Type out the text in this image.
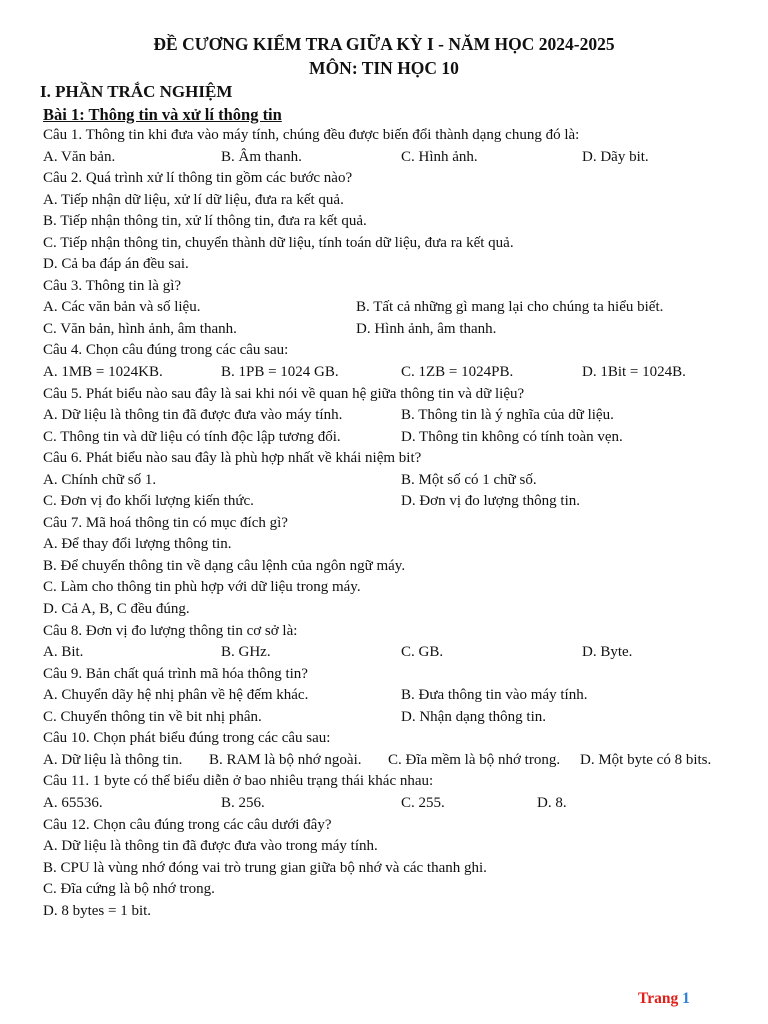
ĐỀ CƯƠNG KIỂM TRA GIỮA KỲ I - NĂM HỌC 2024-2025
MÔN: TIN HỌC 10
I. PHẦN TRẮC NGHIỆM
Bài 1: Thông tin và xử lí thông tin
Câu 1. Thông tin khi đưa vào máy tính, chúng đều được biến đổi thành dạng chung đó là:
A. Văn bản.	B. Âm thanh.	C. Hình ảnh.	D. Dãy bit.
Câu 2. Quá trình xử lí thông tin gồm các bước nào?
A. Tiếp nhận dữ liệu, xử lí dữ liệu, đưa ra kết quả.
B. Tiếp nhận thông tin, xử lí thông tin, đưa ra kết quả.
C. Tiếp nhận thông tin, chuyển thành dữ liệu, tính toán dữ liệu, đưa ra kết quả.
D. Cả ba đáp án đều sai.
Câu 3. Thông tin là gì?
A. Các văn bản và số liệu.	B. Tất cả những gì mang lại cho chúng ta hiểu biết.
C. Văn bản, hình ảnh, âm thanh.	D. Hình ảnh, âm thanh.
Câu 4. Chọn câu đúng trong các câu sau:
A. 1MB = 1024KB.	B. 1PB = 1024 GB.	C. 1ZB = 1024PB.	D. 1Bit = 1024B.
Câu 5. Phát biểu nào sau đây là sai khi nói về quan hệ giữa thông tin và dữ liệu?
A. Dữ liệu là thông tin đã được đưa vào máy tính.	B. Thông tin là ý nghĩa của dữ liệu.
C. Thông tin và dữ liệu có tính độc lập tương đối.	D. Thông tin không có tính toàn vẹn.
Câu 6. Phát biểu nào sau đây là phù hợp nhất về khái niệm bit?
A. Chính chữ số 1.	B. Một số có 1 chữ số.
C. Đơn vị đo khối lượng kiến thức.	D. Đơn vị đo lượng thông tin.
Câu 7. Mã hoá thông tin có mục đích gì?
A. Để thay đổi lượng thông tin.
B. Để chuyển thông tin về dạng câu lệnh của ngôn ngữ máy.
C. Làm cho thông tin phù hợp với dữ liệu trong máy.
D. Cả A, B, C đều đúng.
Câu 8. Đơn vị đo lượng thông tin cơ sở là:
A. Bit.	B. GHz.	C. GB.	D. Byte.
Câu 9. Bản chất quá trình mã hóa thông tin?
A. Chuyển dãy hệ nhị phân về hệ đếm khác.	B. Đưa thông tin vào máy tính.
C. Chuyển thông tin về bit nhị phân.	D. Nhận dạng thông tin.
Câu 10. Chọn phát biểu đúng trong các câu sau:
A. Dữ liệu là thông tin. B. RAM là bộ nhớ ngoài. C. Đĩa mềm là bộ nhớ trong. D. Một byte có 8 bits.
Câu 11. 1 byte có thể biểu diễn ở bao nhiêu trạng thái khác nhau:
A. 65536.	B. 256.	C. 255.	D. 8.
Câu 12. Chọn câu đúng trong các câu dưới đây?
A. Dữ liệu là thông tin đã được đưa vào trong máy tính.
B. CPU là vùng nhớ đóng vai trò trung gian giữa bộ nhớ và các thanh ghi.
C. Đĩa cứng là bộ nhớ trong.
D. 8 bytes = 1 bit.
Trang 1
